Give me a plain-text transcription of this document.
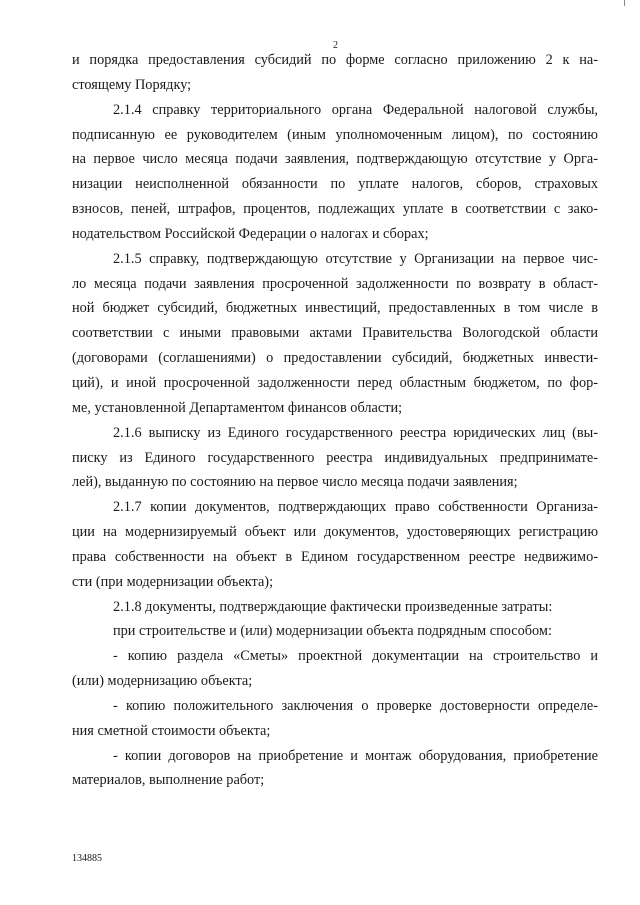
2
и порядка предоставления субсидий по форме согласно приложению 2 к на-
стоящему Порядку;
2.1.4 справку территориального органа Федеральной налоговой службы,
подписанную ее руководителем (иным уполномоченным лицом), по состоянию
на первое число месяца подачи заявления, подтверждающую отсутствие у Орга-
низации неисполненной обязанности по уплате налогов, сборов, страховых
взносов, пеней, штрафов, процентов, подлежащих уплате в соответствии с зако-
нодательством Российской Федерации о налогах и сборах;
2.1.5 справку, подтверждающую отсутствие у Организации на первое чис-
ло месяца подачи заявления просроченной задолженности по возврату в област-
ной бюджет субсидий, бюджетных инвестиций, предоставленных в том числе в
соответствии с иными правовыми актами Правительства Вологодской области
(договорами (соглашениями) о предоставлении субсидий, бюджетных инвести-
ций), и иной просроченной задолженности перед областным бюджетом, по фор-
ме, установленной Департаментом финансов области;
2.1.6 выписку из Единого государственного реестра юридических лиц (вы-
писку из Единого государственного реестра индивидуальных предпринимате-
лей), выданную по состоянию на первое число месяца подачи заявления;
2.1.7 копии документов, подтверждающих право собственности Организа-
ции на модернизируемый объект или документов, удостоверяющих регистрацию
права собственности на объект в Едином государственном реестре недвижимо-
сти (при модернизации объекта);
2.1.8 документы, подтверждающие фактически произведенные затраты:
при строительстве и (или) модернизации объекта подрядным способом:
- копию раздела «Сметы» проектной документации на строительство и
(или) модернизацию объекта;
- копию положительного заключения о проверке достоверности определе-
ния сметной стоимости объекта;
- копии договоров на приобретение и монтаж оборудования, приобретение
материалов, выполнение работ;
134885
